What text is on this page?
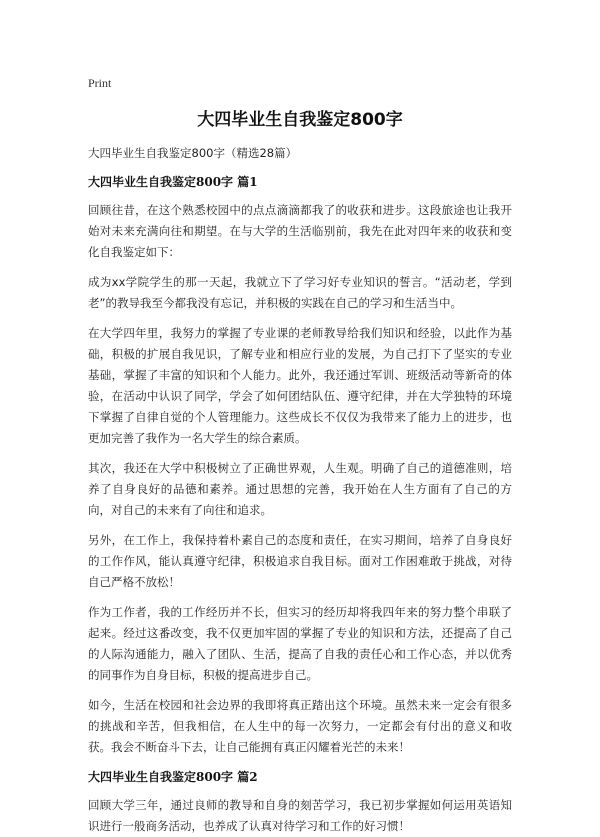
Print
大四毕业生自我鉴定800字

大四毕业生自我鉴定800字（精选28篇）

大四毕业生自我鉴定800字 篇1

回顾往昔，在这个熟悉校园中的点点滴滴都我了的收获和进步。这段旅途也让我开始对未来充满向往和期望。在与大学的生活临别前，我先在此对四年来的收获和变化自我鉴定如下：

成为xx学院学生的那一天起，我就立下了学习好专业知识的誓言。“活动老，学到老”的教导我至今都我没有忘记，并积极的实践在自己的学习和生活当中。

在大学四年里，我努力的掌握了专业课的老师教导给我们知识和经验，以此作为基础，积极的扩展自我见识，了解专业和相应行业的发展，为自己打下了坚实的专业基础，掌握了丰富的知识和个人能力。此外，我还通过军训、班级活动等新奇的体验，在活动中认识了同学，学会了如何团结队伍、遵守纪律，并在大学独特的环境下掌握了自律自觉的个人管理能力。这些成长不仅仅为我带来了能力上的进步，也更加完善了我作为一名大学生的综合素质。

其次，我还在大学中积极树立了正确世界观，人生观。明确了自己的道德准则，培养了自身良好的品德和素养。通过思想的完善，我开始在人生方面有了自己的方向，对自己的未来有了向往和追求。

另外，在工作上，我保持着朴素自己的态度和责任，在实习期间，培养了自身良好的工作作风，能认真遵守纪律，积极追求自我目标。面对工作困难敢于挑战，对待自己严格不放松！

作为工作者，我的工作经历并不长，但实习的经历却将我四年来的努力整个串联了起来。经过这番改变，我不仅更加牢固的掌握了专业的知识和方法，还提高了自己的人际沟通能力，融入了团队、生活，提高了自我的责任心和工作心态，并以优秀的同事作为自身目标，积极的提高进步自己。

如今，生活在校园和社会边界的我即将真正踏出这个环境。虽然未来一定会有很多的挑战和辛苦，但我相信，在人生中的每一次努力，一定都会有付出的意义和收获。我会不断奋斗下去，让自己能拥有真正闪耀着光芒的未来！

大四毕业生自我鉴定800字 篇2

回顾大学三年，通过良师的教导和自身的刻苦学习，我已初步掌握如何运用英语知识进行一般商务活动，也养成了认真对待学习和工作的好习惯！
